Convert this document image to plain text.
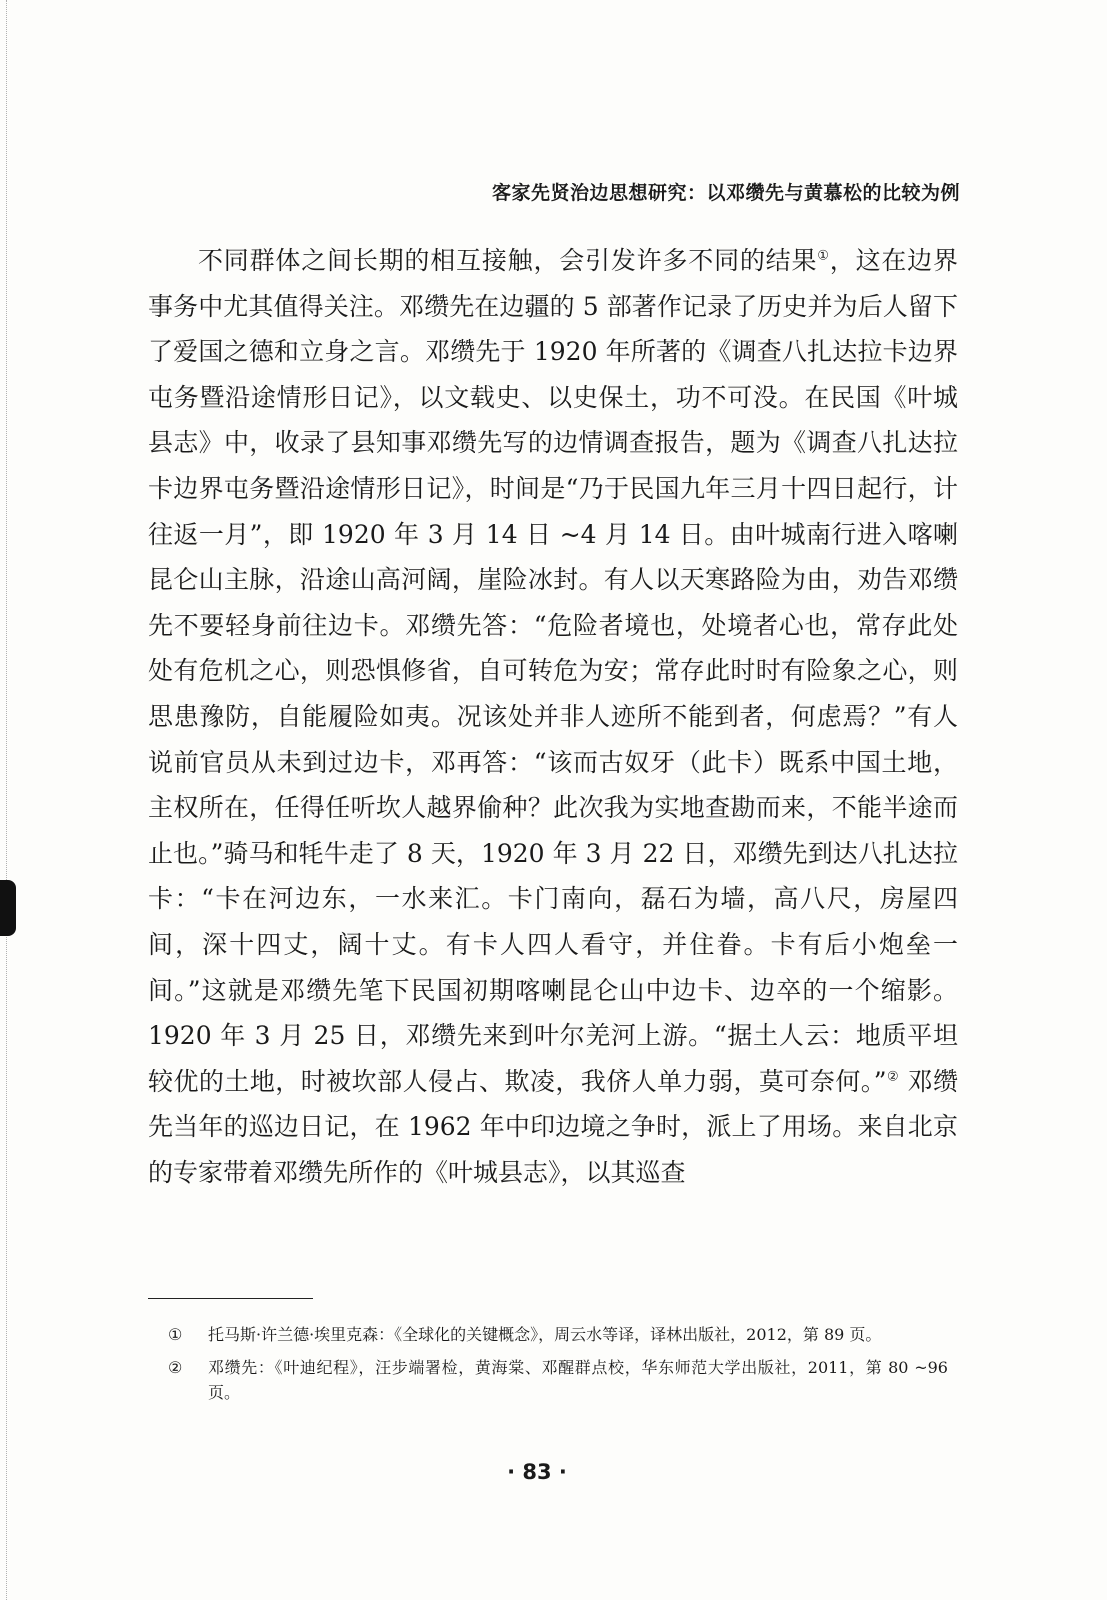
客家先贤治边思想研究：以邓缵先与黄慕松的比较为例

不同群体之间长期的相互接触，会引发许多不同的结果①，这在边界事务中尤其值得关注。邓缵先在边疆的 5 部著作记录了历史并为后人留下了爱国之德和立身之言。邓缵先于 1920 年所著的《调查八扎达拉卡边界屯务暨沿途情形日记》，以文载史、以史保土，功不可没。在民国《叶城县志》中，收录了县知事邓缵先写的边情调查报告，题为《调查八扎达拉卡边界屯务暨沿途情形日记》，时间是“乃于民国九年三月十四日起行，计往返一月”，即 1920 年 3 月 14 日 ~4 月 14 日。由叶城南行进入喀喇昆仑山主脉，沿途山高河阔，崖险冰封。有人以天寒路险为由，劝告邓缵先不要轻身前往边卡。邓缵先答：“危险者境也，处境者心也，常存此处处有危机之心，则恐惧修省，自可转危为安；常存此时时有险象之心，则思患豫防，自能履险如夷。况该处并非人迹所不能到者，何虑焉？”有人说前官员从未到过边卡，邓再答：“该而古奴牙（此卡）既系中国土地，主权所在，任得任听坎人越界偷种？此次我为实地查勘而来，不能半途而止也。”骑马和牦牛走了 8 天，1920 年 3 月 22 日，邓缵先到达八扎达拉卡：“卡在河边东，一水来汇。卡门南向，磊石为墙，高八尺，房屋四间，深十四丈，阔十丈。有卡人四人看守，并住眷。卡有后小炮垒一间。”这就是邓缵先笔下民国初期喀喇昆仑山中边卡、边卒的一个缩影。1920 年 3 月 25 日，邓缵先来到叶尔羌河上游。“据土人云：地质平坦较优的土地，时被坎部人侵占、欺凌，我侪人单力弱，莫可奈何。”② 邓缵先当年的巡边日记，在 1962 年中印边境之争时，派上了用场。来自北京的专家带着邓缵先所作的《叶城县志》，以其巡查

①	托马斯·许兰德·埃里克森：《全球化的关键概念》，周云水等译，译林出版社，2012，第 89 页。
②	邓缵先：《叶迪纪程》，汪步端署检，黄海棠、邓醒群点校，华东师范大学出版社，2011，第 80 ~96 页。
· 83 ·
